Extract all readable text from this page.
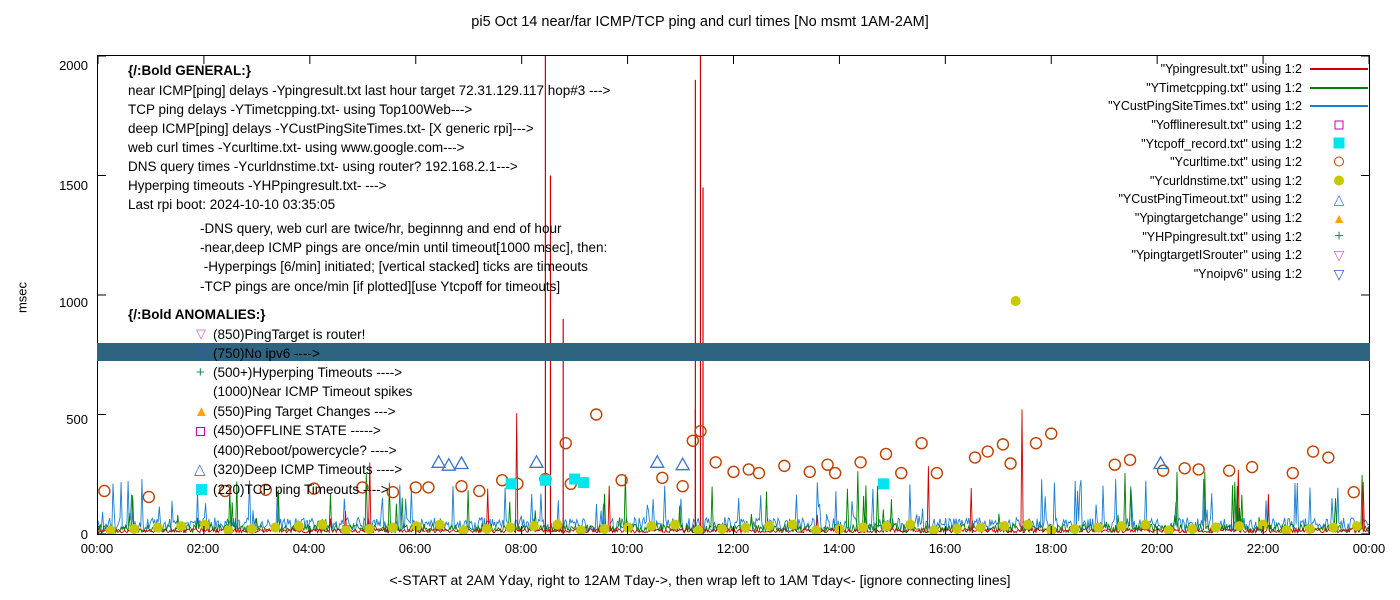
pi5 Oct 14 near/far ICMP/TCP ping and curl times [No msmt 1AM-2AM]
msec
<-START at 2AM Yday, right to 12AM Tday->, then wrap left to 1AM Tday<- [ignore connecting lines]
0
500
1000
1500
2000
00:00	02:00	04:00	06:00	08:00	10:00	12:00	14:00	16:00	18:00	20:00	22:00	00:00
{/:Bold GENERAL:}
near ICMP[ping] delays -Ypingresult.txt last hour target 72.31.129.117 hop#3 --->
TCP ping delays -YTimetcpping.txt- using Top100Web--->
deep ICMP[ping] delays -YCustPingSiteTimes.txt- [X generic rpi]--->
web curl times -Ycurltime.txt- using www.google.com--->
DNS query times -Ycurldnstime.txt- using router? 192.168.2.1--->
Hyperping timeouts -YHPpingresult.txt- --->
Last rpi boot: 2024-10-10 03:35:05
-DNS query, web curl are twice/hr, beginnng and end of hour
-near,deep ICMP pings are once/min until timeout[1000 msec], then:
-Hyperpings [6/min] initiated; [vertical stacked] ticks are timeouts
-TCP pings are once/min [if plotted][use Ytcpoff for timeouts]
{/:Bold ANOMALIES:}
▽ (850)PingTarget is router!
▽ (750)No ipv6 ---->
+ (500+)Hyperping Timeouts ---->
(1000)Near ICMP Timeout spikes
▲ (550)Ping Target Changes --->
(450)OFFLINE STATE ----->
(400)Reboot/powercycle? ---->
△ (320)Deep ICMP Timeouts ---->
(220)TCP ping Timeouts ---->
"Ypingresult.txt" using 1:2
"YTimetcpping.txt" using 1:2
"YCustPingSiteTimes.txt" using 1:2
"Yofflineresult.txt" using 1:2
"Ytcpoff_record.txt" using 1:2
"Ycurltime.txt" using 1:2
"Ycurldnstime.txt" using 1:2
"YCustPingTimeout.txt" using 1:2	△
"Ypingtargetchange" using 1:2	▲
"YHPpingresult.txt" using 1:2	+
"YpingtargetISrouter" using 1:2	▽
"Ynoipv6" using 1:2	▽
